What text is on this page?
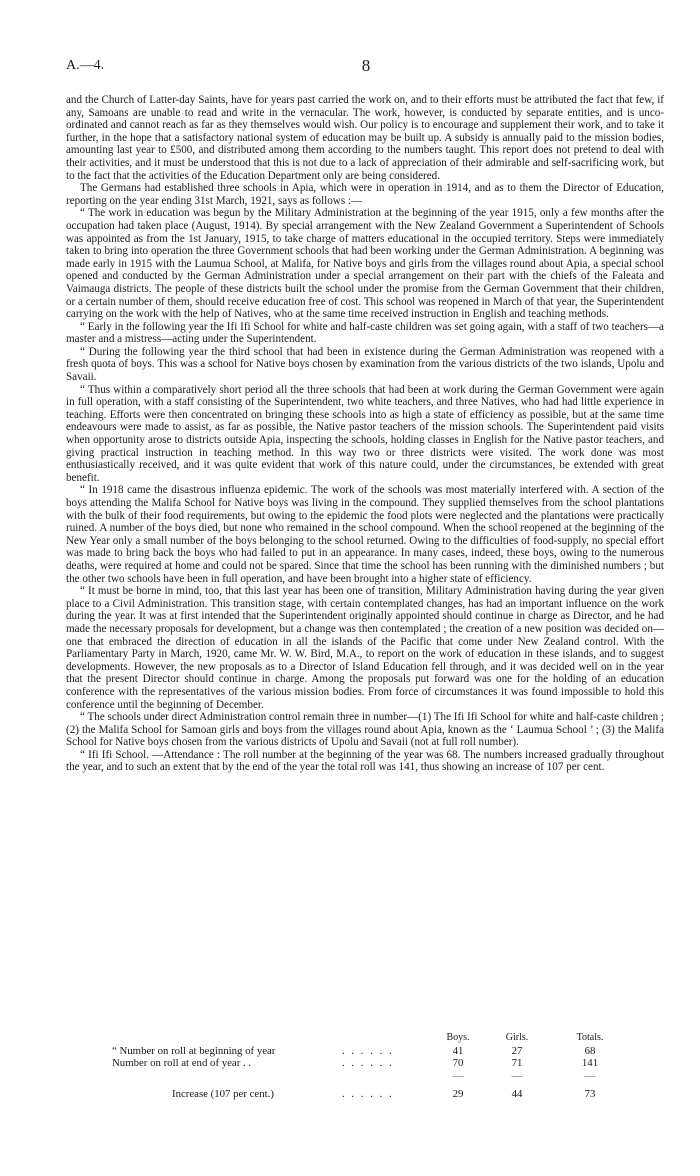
A.—4.	8

and the Church of Latter-day Saints, have for years past carried the work on, and to their efforts must be attributed the fact that few, if any, Samoans are unable to read and write in the vernacular. The work, however, is conducted by separate entities, and is unco-ordinated and cannot reach as far as they themselves would wish. Our policy is to encourage and supplement their work, and to take it further, in the hope that a satisfactory national system of education may be built up. A subsidy is annually paid to the mission bodies, amounting last year to £500, and distributed among them according to the numbers taught. This report does not pretend to deal with their activities, and it must be understood that this is not due to a lack of appreciation of their admirable and self-sacrificing work, but to the fact that the activities of the Education Department only are being considered.

The Germans had established three schools in Apia, which were in operation in 1914, and as to them the Director of Education, reporting on the year ending 31st March, 1921, says as follows :—

“ The work in education was begun by the Military Administration at the beginning of the year 1915, only a few months after the occupation had taken place (August, 1914). By special arrangement with the New Zealand Government a Superintendent of Schools was appointed as from the 1st January, 1915, to take charge of matters educational in the occupied territory. Steps were immediately taken to bring into operation the three Government schools that had been working under the German Administration. A beginning was made early in 1915 with the Laumua School, at Malifa, for Native boys and girls from the villages round about Apia, a special school opened and conducted by the German Administration under a special arrangement on their part with the chiefs of the Faleata and Vaimauga districts. The people of these districts built the school under the promise from the German Government that their children, or a certain number of them, should receive education free of cost. This school was reopened in March of that year, the Superintendent carrying on the work with the help of Natives, who at the same time received instruction in English and teaching methods.

“ Early in the following year the Ifi Ifi School for white and half-caste children was set going again, with a staff of two teachers—a master and a mistress—acting under the Superintendent.

“ During the following year the third school that had been in existence during the German Administration was reopened with a fresh quota of boys. This was a school for Native boys chosen by examination from the various districts of the two islands, Upolu and Savaii.

“ Thus within a comparatively short period all the three schools that had been at work during the German Government were again in full operation, with a staff consisting of the Superintendent, two white teachers, and three Natives, who had had little experience in teaching. Efforts were then concentrated on bringing these schools into as high a state of efficiency as possible, but at the same time endeavours were made to assist, as far as possible, the Native pastor teachers of the mission schools. The Superintendent paid visits when opportunity arose to districts outside Apia, inspecting the schools, holding classes in English for the Native pastor teachers, and giving practical instruction in teaching method. In this way two or three districts were visited. The work done was most enthusiastically received, and it was quite evident that work of this nature could, under the circumstances, be extended with great benefit.

“ In 1918 came the disastrous influenza epidemic. The work of the schools was most materially interfered with. A section of the boys attending the Malifa School for Native boys was living in the compound. They supplied themselves from the school plantations with the bulk of their food requirements, but owing to the epidemic the food plots were neglected and the plantations were practically ruined. A number of the boys died, but none who remained in the school compound. When the school reopened at the beginning of the New Year only a small number of the boys belonging to the school returned. Owing to the difficulties of food-supply, no special effort was made to bring back the boys who had failed to put in an appearance. In many cases, indeed, these boys, owing to the numerous deaths, were required at home and could not be spared. Since that time the school has been running with the diminished numbers ; but the other two schools have been in full operation, and have been brought into a higher state of efficiency.

“ It must be borne in mind, too, that this last year has been one of transition, Military Administration having during the year given place to a Civil Administration. This transition stage, with certain contemplated changes, has had an important influence on the work during the year. It was at first intended that the Superintendent originally appointed should continue in charge as Director, and he had made the necessary proposals for development, but a change was then contemplated ; the creation of a new position was decided on—one that embraced the direction of education in all the islands of the Pacific that come under New Zealand control. With the Parliamentary Party in March, 1920, came Mr. W. W. Bird, M.A., to report on the work of education in these islands, and to suggest developments. However, the new proposals as to a Director of Island Education fell through, and it was decided well on in the year that the present Director should continue in charge. Among the proposals put forward was one for the holding of an education conference with the representatives of the various mission bodies. From force of circumstances it was found impossible to hold this conference until the beginning of December.

“ The schools under direct Administration control remain three in number—(1) The Ifi Ifi School for white and half-caste children ; (2) the Malifa School for Samoan girls and boys from the villages round about Apia, known as the ‘ Laumua School ’ ; (3) the Malifa School for Native boys chosen from the various districts of Upolu and Savaii (not at full roll number).

“ Ifi Ifi School. —Attendance : The roll number at the beginning of the year was 68. The numbers increased gradually throughout the year, and to such an extent that by the end of the year the total roll was 141, thus showing an increase of 107 per cent.

Boys.	Girls.	Totals.
“ Number on roll at beginning of year	. . . . . .	41	27	68
Number on roll at end of year . .	. . . . . .	70	71	141
—	—	—
Increase (107 per cent.)	. . . . . .	29	44	73
